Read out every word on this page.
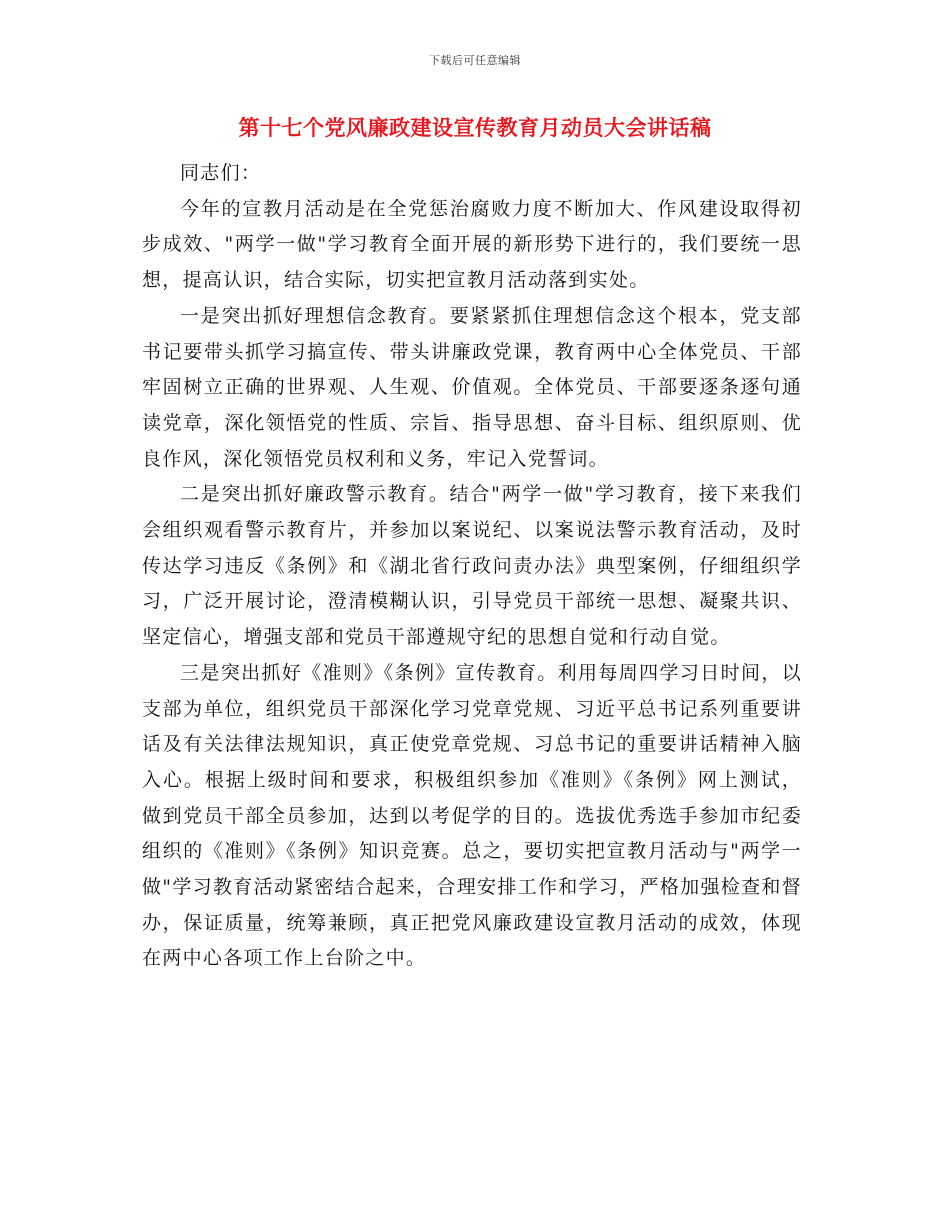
下载后可任意编辑
第十七个党风廉政建设宣传教育月动员大会讲话稿

同志们：

今年的宣教月活动是在全党惩治腐败力度不断加大、作风建设取得初步成效、"两学一做"学习教育全面开展的新形势下进行的，我们要统一思想，提高认识，结合实际，切实把宣教月活动落到实处。

一是突出抓好理想信念教育。要紧紧抓住理想信念这个根本，党支部书记要带头抓学习搞宣传、带头讲廉政党课，教育两中心全体党员、干部牢固树立正确的世界观、人生观、价值观。全体党员、干部要逐条逐句通读党章，深化领悟党的性质、宗旨、指导思想、奋斗目标、组织原则、优良作风，深化领悟党员权利和义务，牢记入党誓词。

二是突出抓好廉政警示教育。结合"两学一做"学习教育，接下来我们会组织观看警示教育片，并参加以案说纪、以案说法警示教育活动，及时传达学习违反《条例》和《湖北省行政问责办法》典型案例，仔细组织学习，广泛开展讨论，澄清模糊认识，引导党员干部统一思想、凝聚共识、坚定信心，增强支部和党员干部遵规守纪的思想自觉和行动自觉。

三是突出抓好《准则》《条例》宣传教育。利用每周四学习日时间，以支部为单位，组织党员干部深化学习党章党规、习近平总书记系列重要讲话及有关法律法规知识，真正使党章党规、习总书记的重要讲话精神入脑入心。根据上级时间和要求，积极组织参加《准则》《条例》网上测试，做到党员干部全员参加，达到以考促学的目的。选拔优秀选手参加市纪委组织的《准则》《条例》知识竞赛。总之，要切实把宣教月活动与"两学一做"学习教育活动紧密结合起来，合理安排工作和学习，严格加强检查和督办，保证质量，统筹兼顾，真正把党风廉政建设宣教月活动的成效，体现在两中心各项工作上台阶之中。
